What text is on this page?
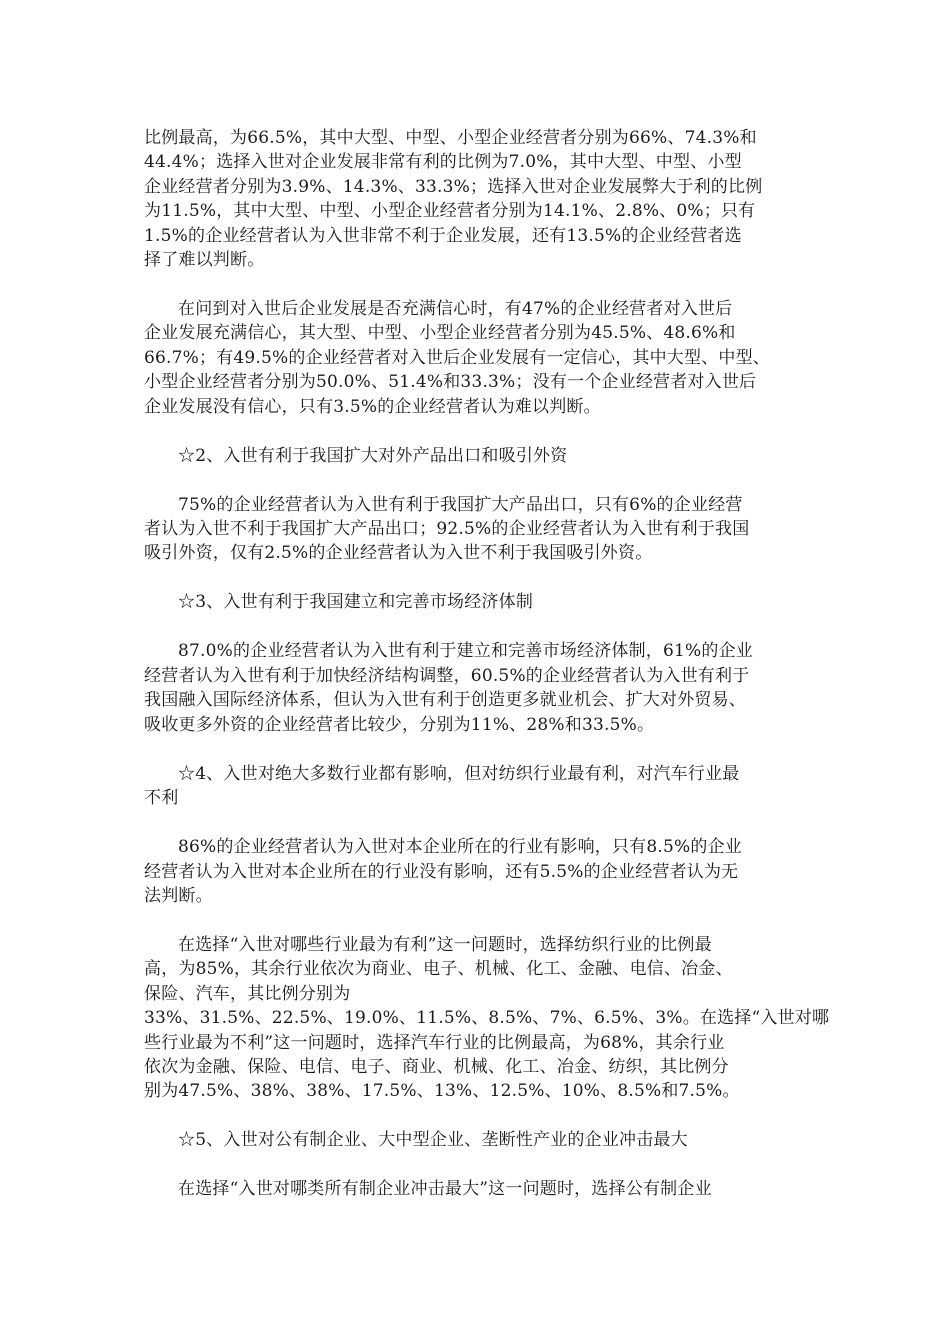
比例最高，为66.5%，其中大型、中型、小型企业经营者分别为66%、74.3%和
44.4%；选择入世对企业发展非常有利的比例为7.0%，其中大型、中型、小型
企业经营者分别为3.9%、14.3%、33.3%；选择入世对企业发展弊大于利的比例
为11.5%，其中大型、中型、小型企业经营者分别为14.1%、2.8%、0%；只有
1.5%的企业经营者认为入世非常不利于企业发展，还有13.5%的企业经营者选
择了难以判断。

在问到对入世后企业发展是否充满信心时，有47%的企业经营者对入世后
企业发展充满信心，其大型、中型、小型企业经营者分别为45.5%、48.6%和
66.7%；有49.5%的企业经营者对入世后企业发展有一定信心，其中大型、中型、
小型企业经营者分别为50.0%、51.4%和33.3%；没有一个企业经营者对入世后
企业发展没有信心，只有3.5%的企业经营者认为难以判断。

☆2、入世有利于我国扩大对外产品出口和吸引外资

75%的企业经营者认为入世有利于我国扩大产品出口，只有6%的企业经营
者认为入世不利于我国扩大产品出口；92.5%的企业经营者认为入世有利于我国
吸引外资，仅有2.5%的企业经营者认为入世不利于我国吸引外资。

☆3、入世有利于我国建立和完善市场经济体制

87.0%的企业经营者认为入世有利于建立和完善市场经济体制，61%的企业
经营者认为入世有利于加快经济结构调整，60.5%的企业经营者认为入世有利于
我国融入国际经济体系，但认为入世有利于创造更多就业机会、扩大对外贸易、
吸收更多外资的企业经营者比较少，分别为11%、28%和33.5%。

☆4、入世对绝大多数行业都有影响，但对纺织行业最有利，对汽车行业最
不利

86%的企业经营者认为入世对本企业所在的行业有影响，只有8.5%的企业
经营者认为入世对本企业所在的行业没有影响，还有5.5%的企业经营者认为无
法判断。

在选择“入世对哪些行业最为有利”这一问题时，选择纺织行业的比例最
高，为85%，其余行业依次为商业、电子、机械、化工、金融、电信、冶金、
保险、汽车，其比例分别为
33%、31.5%、22.5%、19.0%、11.5%、8.5%、7%、6.5%、3%。在选择“入世对哪
些行业最为不利”这一问题时，选择汽车行业的比例最高，为68%，其余行业
依次为金融、保险、电信、电子、商业、机械、化工、冶金、纺织，其比例分
别为47.5%、38%、38%、17.5%、13%、12.5%、10%、8.5%和7.5%。

☆5、入世对公有制企业、大中型企业、垄断性产业的企业冲击最大

在选择“入世对哪类所有制企业冲击最大”这一问题时，选择公有制企业
